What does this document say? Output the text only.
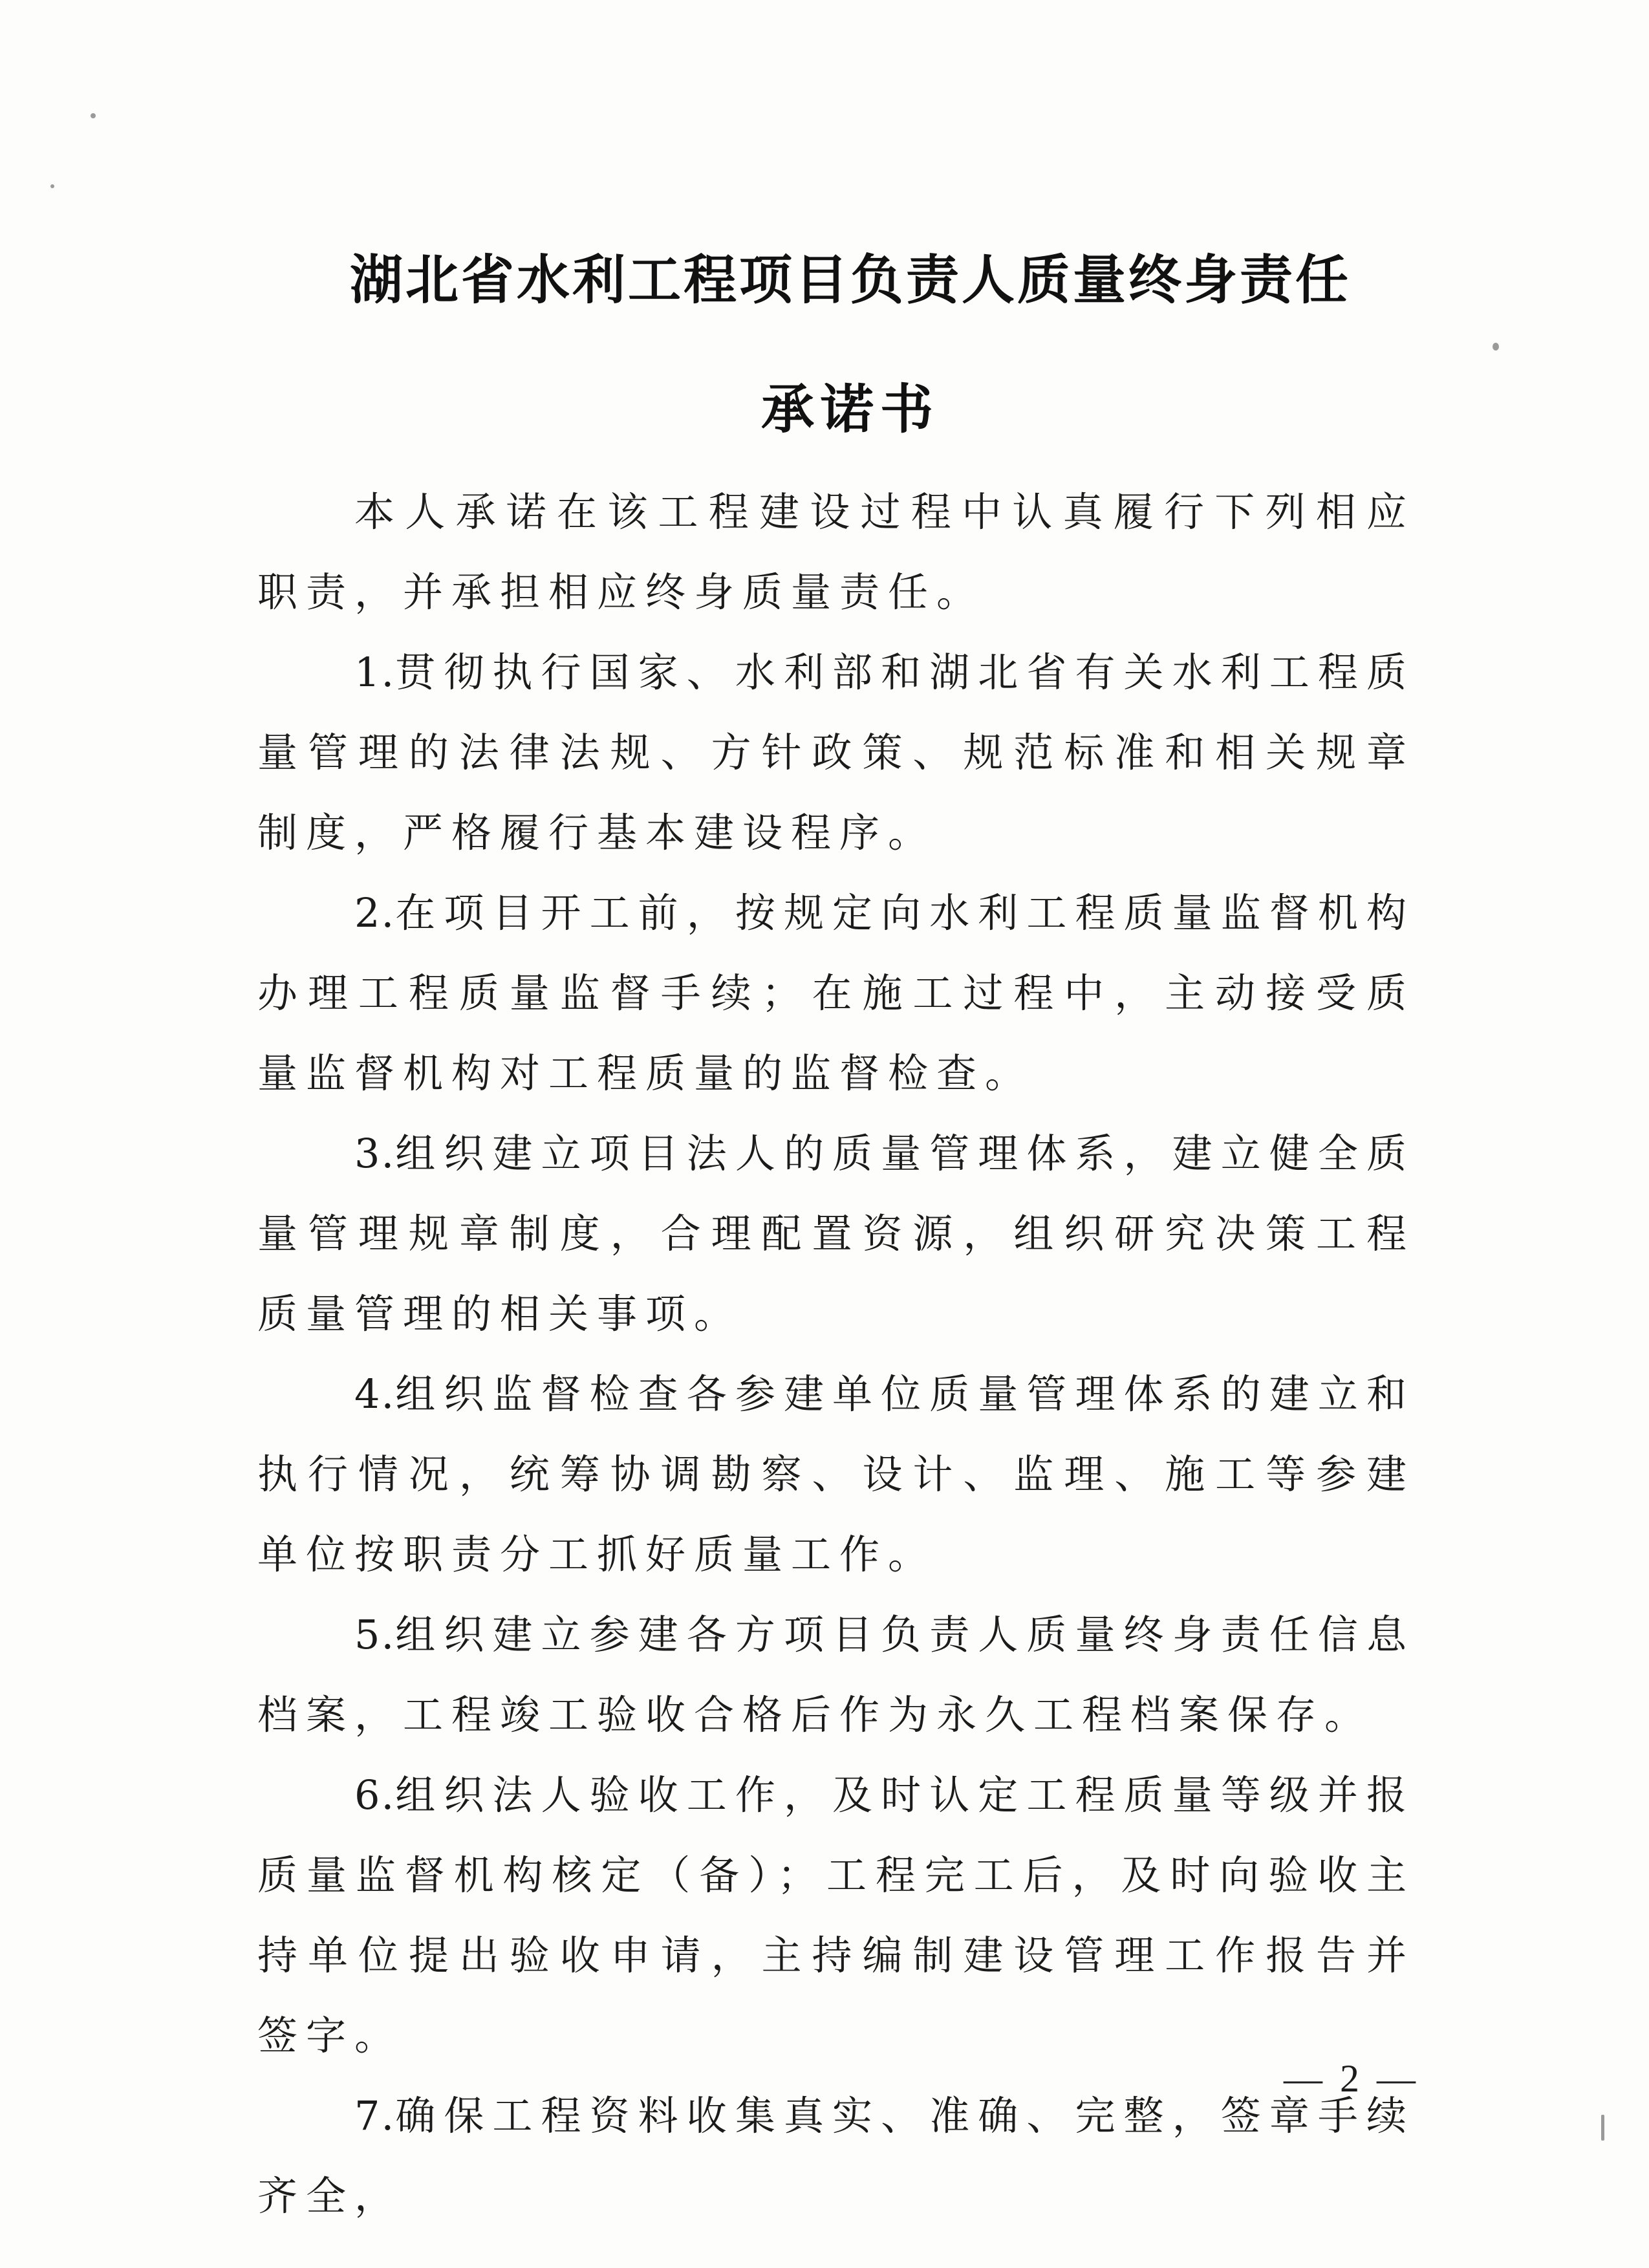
湖北省水利工程项目负责人质量终身责任
承诺书

本人承诺在该工程建设过程中认真履行下列相应职责，并承担相应终身质量责任。

1.贯彻执行国家、水利部和湖北省有关水利工程质量管理的法律法规、方针政策、规范标准和相关规章制度，严格履行基本建设程序。

2.在项目开工前，按规定向水利工程质量监督机构办理工程质量监督手续；在施工过程中，主动接受质量监督机构对工程质量的监督检查。

3.组织建立项目法人的质量管理体系，建立健全质量管理规章制度，合理配置资源，组织研究决策工程质量管理的相关事项。

4.组织监督检查各参建单位质量管理体系的建立和执行情况，统筹协调勘察、设计、监理、施工等参建单位按职责分工抓好质量工作。

5.组织建立参建各方项目负责人质量终身责任信息档案，工程竣工验收合格后作为永久工程档案保存。

6.组织法人验收工作，及时认定工程质量等级并报质量监督机构核定（备）；工程完工后，及时向验收主持单位提出验收申请，主持编制建设管理工作报告并签字。

7.确保工程资料收集真实、准确、完整，签章手续齐全，

— 2 —
